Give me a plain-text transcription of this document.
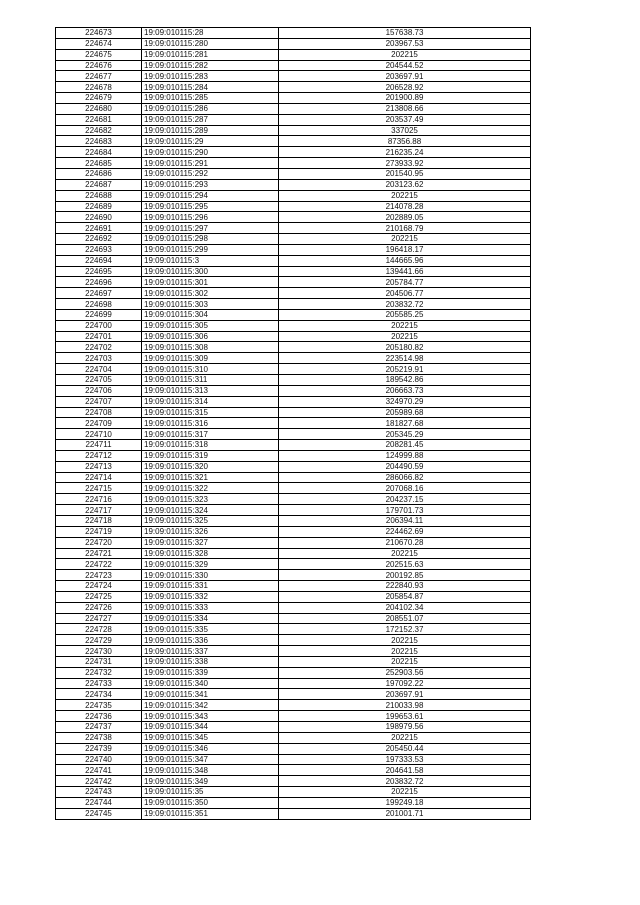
224673	19:09:010115:28	157638.73
224674	19:09:010115:280	203967.53
224675	19:09:010115:281	202215
224676	19:09:010115:282	204544.52
224677	19:09:010115:283	203697.91
224678	19:09:010115:284	206528.92
224679	19:09:010115:285	201900.89
224680	19:09:010115:286	213808.66
224681	19:09:010115:287	203537.49
224682	19:09:010115:289	337025
224683	19:09:010115:29	87356.88
224684	19:09:010115:290	216235.24
224685	19:09:010115:291	273933.92
224686	19:09:010115:292	201540.95
224687	19:09:010115:293	203123.62
224688	19:09:010115:294	202215
224689	19:09:010115:295	214078.28
224690	19:09:010115:296	202889.05
224691	19:09:010115:297	210168.79
224692	19:09:010115:298	202215
224693	19:09:010115:299	196418.17
224694	19:09:010115:3	144665.96
224695	19:09:010115:300	139441.66
224696	19:09:010115:301	205784.77
224697	19:09:010115:302	204506.77
224698	19:09:010115:303	203832.72
224699	19:09:010115:304	205585.25
224700	19:09:010115:305	202215
224701	19:09:010115:306	202215
224702	19:09:010115:308	205180.82
224703	19:09:010115:309	223514.98
224704	19:09:010115:310	205219.91
224705	19:09:010115:311	189542.86
224706	19:09:010115:313	206663.73
224707	19:09:010115:314	324970.29
224708	19:09:010115:315	205989.68
224709	19:09:010115:316	181827.68
224710	19:09:010115:317	205345.29
224711	19:09:010115:318	208281.45
224712	19:09:010115:319	124999.88
224713	19:09:010115:320	204490.59
224714	19:09:010115:321	286066.82
224715	19:09:010115:322	207068.16
224716	19:09:010115:323	204237.15
224717	19:09:010115:324	179701.73
224718	19:09:010115:325	206394.11
224719	19:09:010115:326	224462.69
224720	19:09:010115:327	210670.28
224721	19:09:010115:328	202215
224722	19:09:010115:329	202515.63
224723	19:09:010115:330	200192.85
224724	19:09:010115:331	222840.93
224725	19:09:010115:332	205854.87
224726	19:09:010115:333	204102.34
224727	19:09:010115:334	208551.07
224728	19:09:010115:335	172152.37
224729	19:09:010115:336	202215
224730	19:09:010115:337	202215
224731	19:09:010115:338	202215
224732	19:09:010115:339	252903.56
224733	19:09:010115:340	197092.22
224734	19:09:010115:341	203697.91
224735	19:09:010115:342	210033.98
224736	19:09:010115:343	199653.61
224737	19:09:010115:344	198979.56
224738	19:09:010115:345	202215
224739	19:09:010115:346	205450.44
224740	19:09:010115:347	197333.53
224741	19:09:010115:348	204641.58
224742	19:09:010115:349	203832.72
224743	19:09:010115:35	202215
224744	19:09:010115:350	199249.18
224745	19:09:010115:351	201001.71
